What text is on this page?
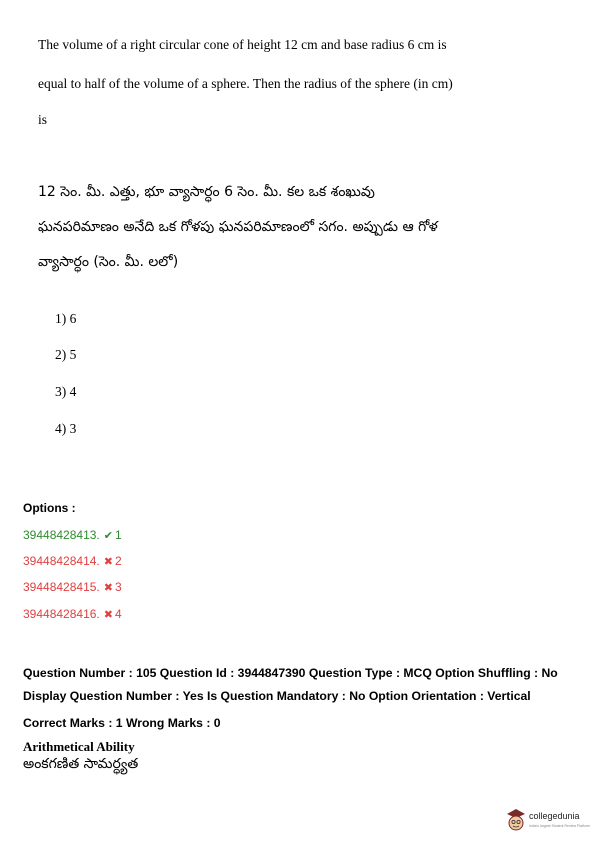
The volume of a right circular cone of height 12 cm and base radius 6 cm is
equal to half of the volume of a sphere. Then the radius of the sphere (in cm)
is
12 సెం. మీ. ఎత్తు, భూ వ్యాసార్ధం 6 సెం. మీ. కల ఒక శంఖువు
ఘనపరిమాణం అనేది ఒక గోళపు ఘనపరిమాణంలో సగం. అప్పుడు ఆ గోళ
వ్యాసార్ధం (సెం. మీ. లలో)
1) 6
2) 5
3) 4
4) 3
Options :
39448428413. ✔ 1
39448428414. ✖ 2
39448428415. ✖ 3
39448428416. ✖ 4
Question Number : 105 Question Id : 3944847390 Question Type : MCQ Option Shuffling : No
Display Question Number : Yes Is Question Mandatory : No Option Orientation : Vertical
Correct Marks : 1 Wrong Marks : 0
Arithmetical Ability
అంకగణిత సామర్ధ్యత
collegedunia
India's largest Student Review Platform
